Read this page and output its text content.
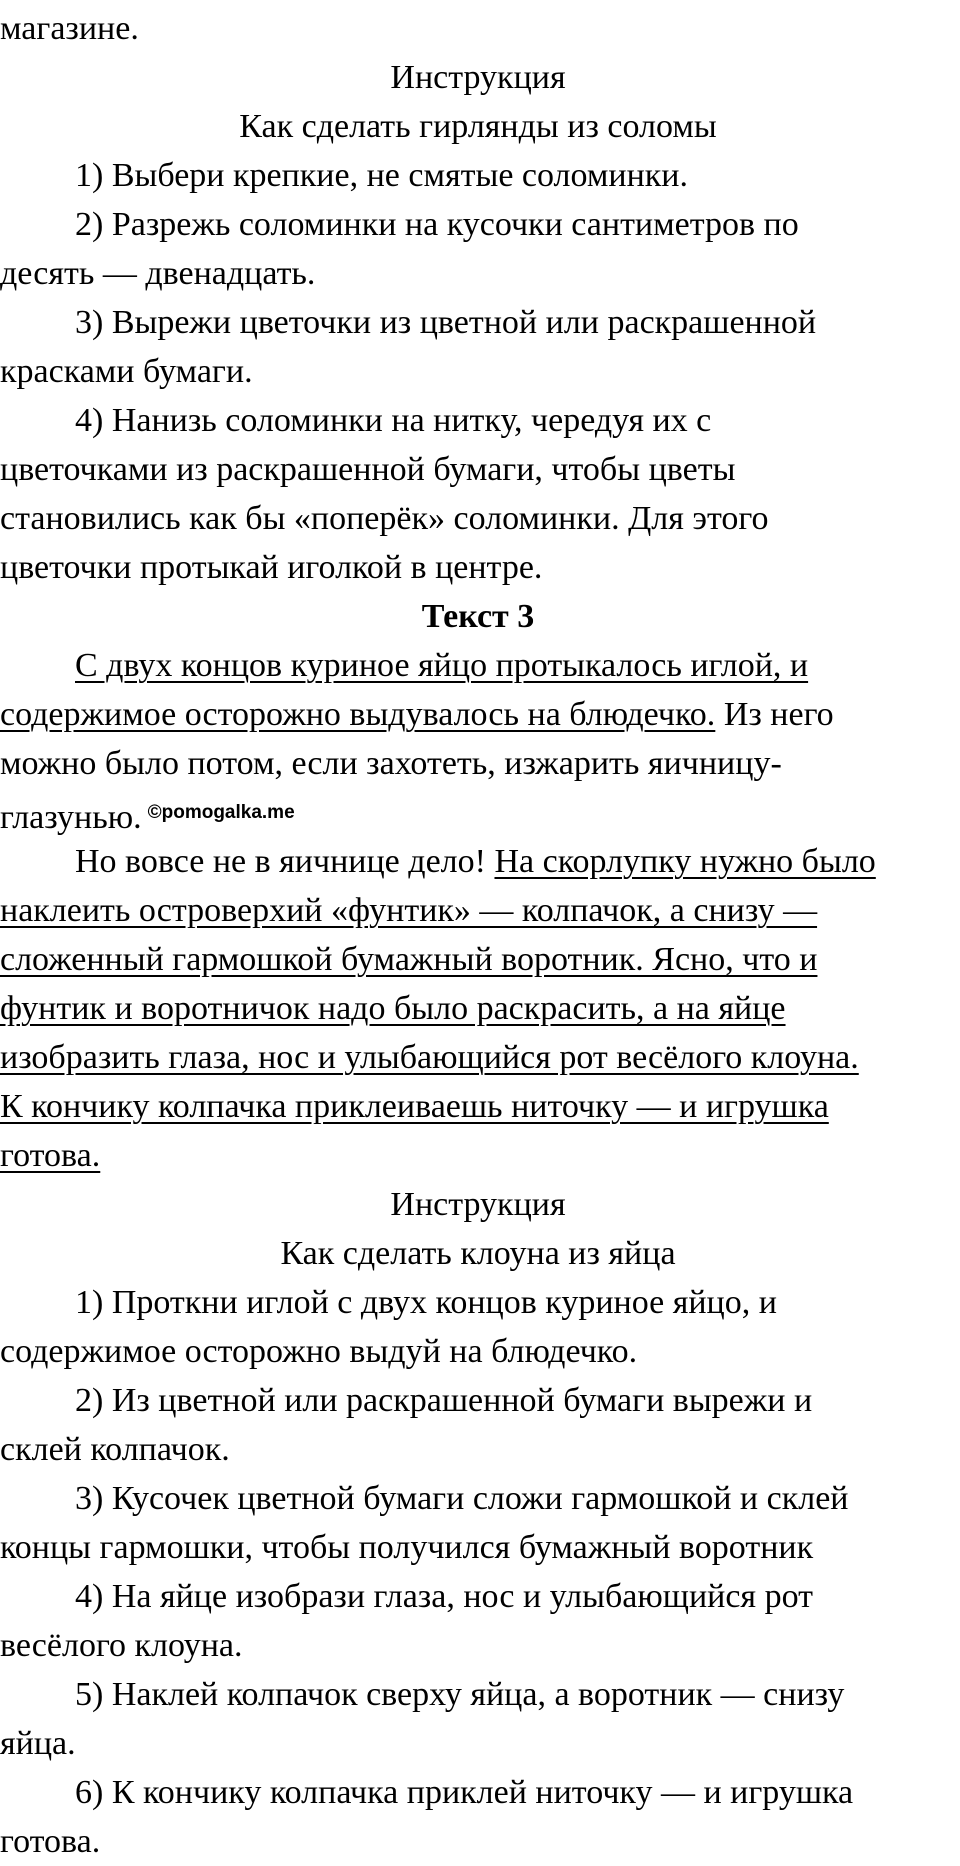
магазине.
Инструкция
Как сделать гирлянды из соломы
1) Выбери крепкие, не смятые соломинки.
2) Разрежь соломинки на кусочки сантиметров по
десять — двенадцать.
3) Вырежи цветочки из цветной или раскрашенной
красками бумаги.
4) Нанизь соломинки на нитку, чередуя их с
цветочками из раскрашенной бумаги, чтобы цветы
становились как бы «поперёк» соломинки. Для этого
цветочки протыкай иголкой в центре.
Текст 3
С двух концов куриное яйцо протыкалось иглой, и
содержимое осторожно выдувалось на блюдечко. Из него
можно было потом, если захотеть, изжарить яичницу-
глазунью. $^{©pomogalka.me}$
Но вовсе не в яичнице дело! На скорлупку нужно было
наклеить островерхий «фунтик» — колпачок, а снизу —
сложенный гармошкой бумажный воротник. Ясно, что и
фунтик и воротничок надо было раскрасить, а на яйце
изобразить глаза, нос и улыбающийся рот весёлого клоуна.
К кончику колпачка приклеиваешь ниточку — и игрушка
готова.
Инструкция
Как сделать клоуна из яйца
1) Проткни иглой с двух концов куриное яйцо, и
содержимое осторожно выдуй на блюдечко.
2) Из цветной или раскрашенной бумаги вырежи и
склей колпачок.
3) Кусочек цветной бумаги сложи гармошкой и склей
концы гармошки, чтобы получился бумажный воротник
4) На яйце изобрази глаза, нос и улыбающийся рот
весёлого клоуна.
5) Наклей колпачок сверху яйца, а воротник — снизу
яйца.
6) К кончику колпачка приклей ниточку — и игрушка
готова.
